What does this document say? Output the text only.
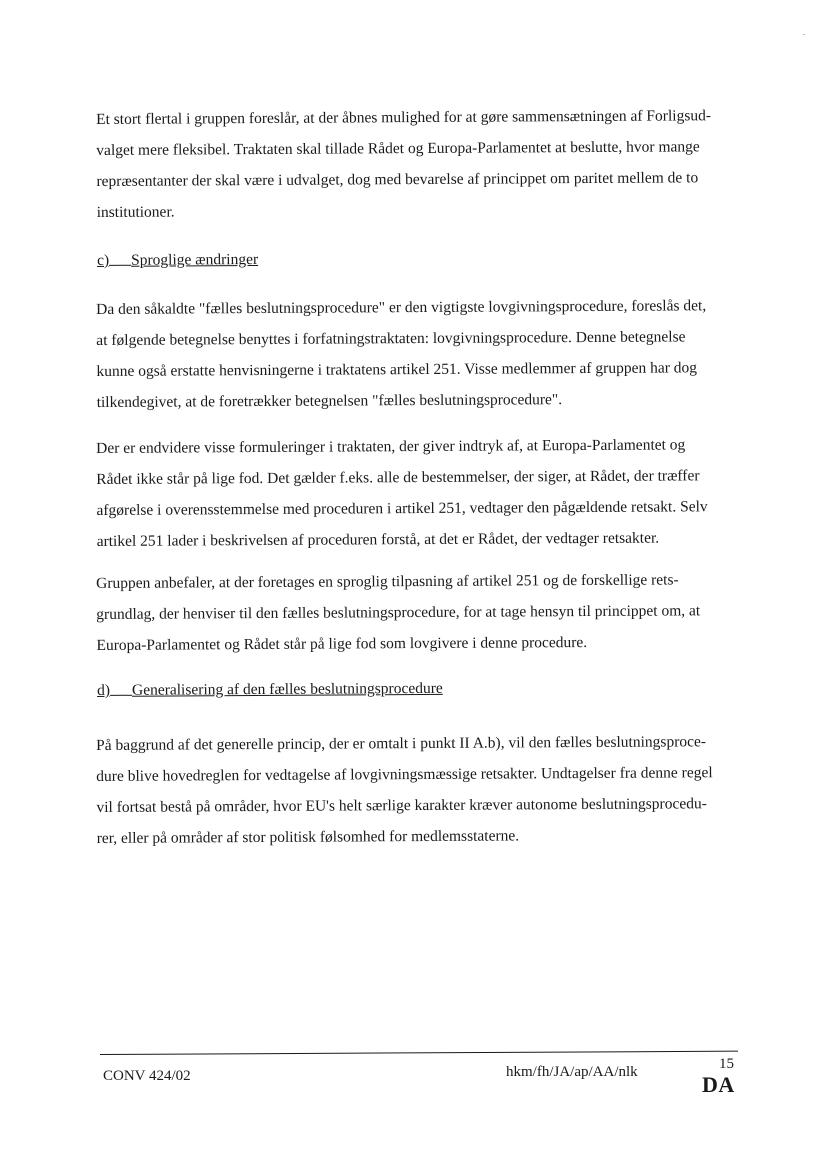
Et stort flertal i gruppen foreslår, at der åbnes mulighed for at gøre sammensætningen af Forligsud-
valget mere fleksibel. Traktaten skal tillade Rådet og Europa-Parlamentet at beslutte, hvor mange
repræsentanter der skal være i udvalget, dog med bevarelse af princippet om paritet mellem de to
institutioner.
c) Sproglige ændringer
Da den såkaldte "fælles beslutningsprocedure" er den vigtigste lovgivningsprocedure, foreslås det,
at følgende betegnelse benyttes i forfatningstraktaten: lovgivningsprocedure. Denne betegnelse
kunne også erstatte henvisningerne i traktatens artikel 251. Visse medlemmer af gruppen har dog
tilkendegivet, at de foretrækker betegnelsen "fælles beslutningsprocedure".
Der er endvidere visse formuleringer i traktaten, der giver indtryk af, at Europa-Parlamentet og
Rådet ikke står på lige fod. Det gælder f.eks. alle de bestemmelser, der siger, at Rådet, der træffer
afgørelse i overensstemmelse med proceduren i artikel 251, vedtager den pågældende retsakt. Selv
artikel 251 lader i beskrivelsen af proceduren forstå, at det er Rådet, der vedtager retsakter.
Gruppen anbefaler, at der foretages en sproglig tilpasning af artikel 251 og de forskellige rets-
grundlag, der henviser til den fælles beslutningsprocedure, for at tage hensyn til princippet om, at
Europa-Parlamentet og Rådet står på lige fod som lovgivere i denne procedure.
d) Generalisering af den fælles beslutningsprocedure
På baggrund af det generelle princip, der er omtalt i punkt II A.b), vil den fælles beslutningsproce-
dure blive hovedreglen for vedtagelse af lovgivningsmæssige retsakter. Undtagelser fra denne regel
vil fortsat bestå på områder, hvor EU's helt særlige karakter kræver autonome beslutningsprocedu-
rer, eller på områder af stor politisk følsomhed for medlemsstaterne.
CONV 424/02	hkm/fh/JA/ap/AA/nlk	15
DA
